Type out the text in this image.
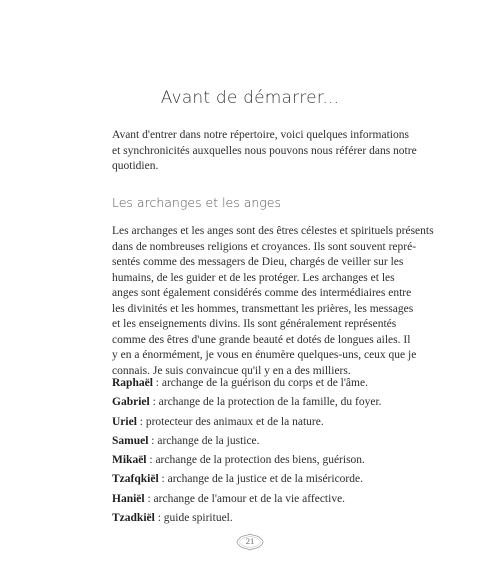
Avant de démarrer...
Avant d'entrer dans notre répertoire, voici quelques informations
et synchronicités auxquelles nous pouvons nous référer dans notre
quotidien.
Les archanges et les anges
Les archanges et les anges sont des êtres célestes et spirituels présents
dans de nombreuses religions et croyances. Ils sont souvent repré-
sentés comme des messagers de Dieu, chargés de veiller sur les
humains, de les guider et de les protéger. Les archanges et les
anges sont également considérés comme des intermédiaires entre
les divinités et les hommes, transmettant les prières, les messages
et les enseignements divins. Ils sont généralement représentés
comme des êtres d'une grande beauté et dotés de longues ailes. Il
y en a énormément, je vous en énumère quelques-uns, ceux que je
connais. Je suis convaincue qu'il y en a des milliers.
Raphaël : archange de la guérison du corps et de l'âme.
Gabriel : archange de la protection de la famille, du foyer.
Uriel : protecteur des animaux et de la nature.
Samuel : archange de la justice.
Mikaël : archange de la protection des biens, guérison.
Tzafqkiël : archange de la justice et de la miséricorde.
Haniël : archange de l'amour et de la vie affective.
Tzadkiël : guide spirituel.
21
